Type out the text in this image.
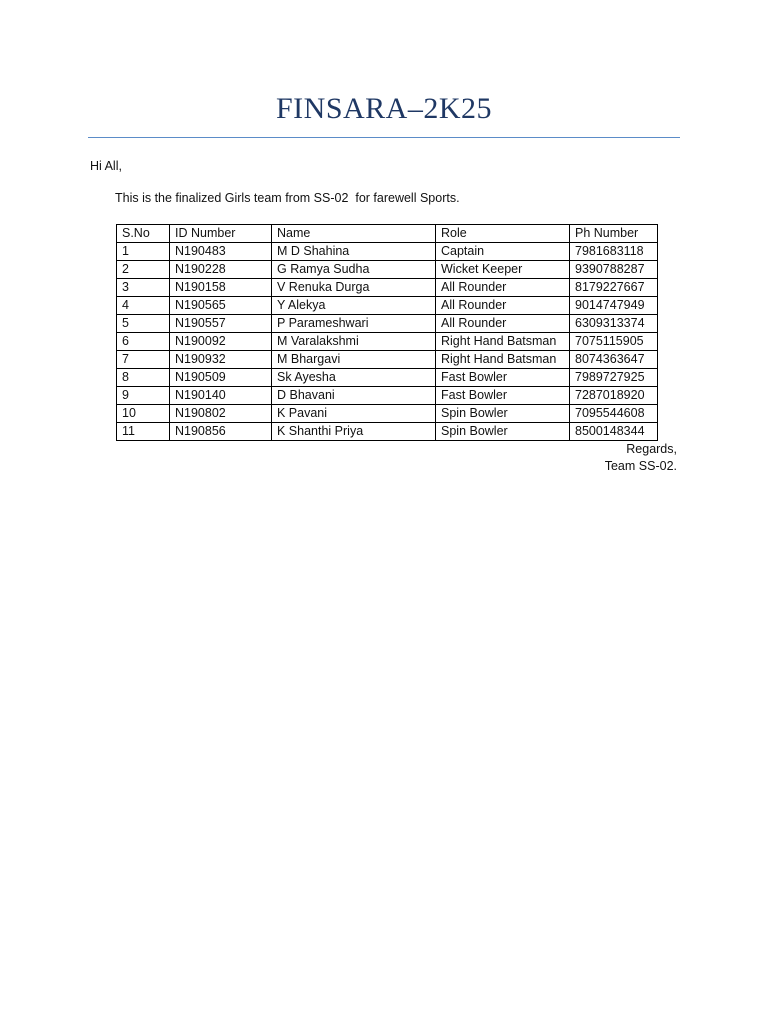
FINSARA–2K25
Hi All,
This is the finalized Girls team from SS-02  for farewell Sports.
S.No	ID Number	Name	Role	Ph Number
1	N190483	M D Shahina	Captain	7981683118
2	N190228	G Ramya Sudha	Wicket Keeper	9390788287
3	N190158	V Renuka Durga	All Rounder	8179227667
4	N190565	Y Alekya	All Rounder	9014747949
5	N190557	P Parameshwari	All Rounder	6309313374
6	N190092	M Varalakshmi	Right Hand Batsman	7075115905
7	N190932	M Bhargavi	Right Hand Batsman	8074363647
8	N190509	Sk Ayesha	Fast Bowler	7989727925
9	N190140	D Bhavani	Fast Bowler	7287018920
10	N190802	K Pavani	Spin Bowler	7095544608
11	N190856	K Shanthi Priya	Spin Bowler	8500148344
Regards,
Team SS-02.
